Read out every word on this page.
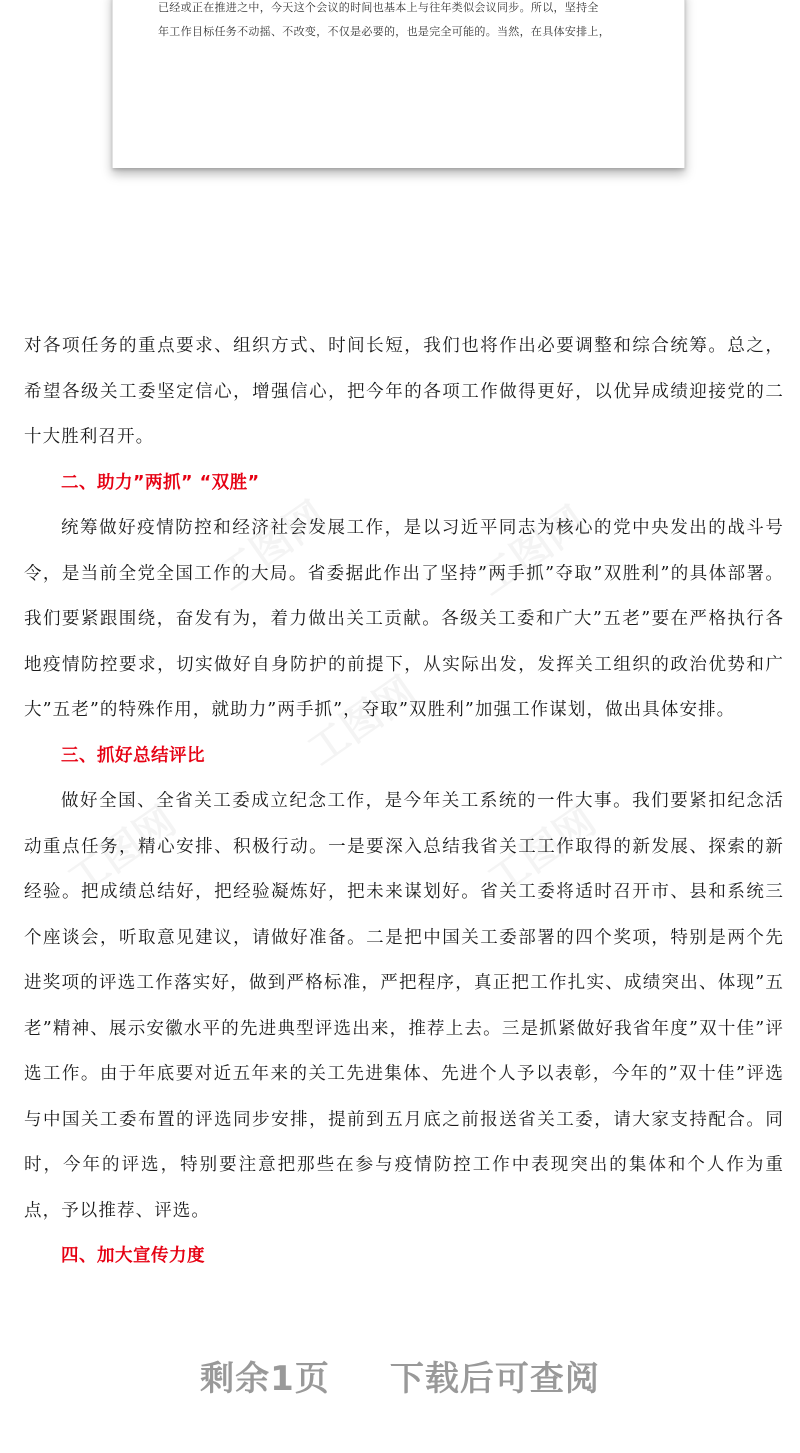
已经或正在推进之中，今天这个会议的时间也基本上与往年类似会议同步。所以，坚持全
年工作目标任务不动摇、不改变，不仅是必要的，也是完全可能的。当然，在具体安排上，

对各项任务的重点要求、组织方式、时间长短，我们也将作出必要调整和综合统筹。总之，希望各级关工委坚定信心，增强信心，把今年的各项工作做得更好，以优异成绩迎接党的二十大胜利召开。

二、助力”两抓” “双胜”

统筹做好疫情防控和经济社会发展工作，是以习近平同志为核心的党中央发出的战斗号令，是当前全党全国工作的大局。省委据此作出了坚持”两手抓”夺取”双胜利”的具体部署。我们要紧跟围绕，奋发有为，着力做出关工贡献。各级关工委和广大”五老”要在严格执行各地疫情防控要求，切实做好自身防护的前提下，从实际出发，发挥关工组织的政治优势和广大”五老”的特殊作用，就助力”两手抓”，夺取”双胜利”加强工作谋划，做出具体安排。

三、抓好总结评比

做好全国、全省关工委成立纪念工作，是今年关工系统的一件大事。我们要紧扣纪念活动重点任务，精心安排、积极行动。一是要深入总结我省关工工作取得的新发展、探索的新经验。把成绩总结好，把经验凝炼好，把未来谋划好。省关工委将适时召开市、县和系统三个座谈会，听取意见建议，请做好准备。二是把中国关工委部署的四个奖项，特别是两个先进奖项的评选工作落实好，做到严格标准，严把程序，真正把工作扎实、成绩突出、体现”五老”精神、展示安徽水平的先进典型评选出来，推荐上去。三是抓紧做好我省年度”双十佳”评选工作。由于年底要对近五年来的关工先进集体、先进个人予以表彰，今年的”双十佳”评选与中国关工委布置的评选同步安排，提前到五月底之前报送省关工委，请大家支持配合。同时，今年的评选，特别要注意把那些在参与疫情防控工作中表现突出的集体和个人作为重点，予以推荐、评选。

四、加大宣传力度
剩余1页 下载后可查阅
